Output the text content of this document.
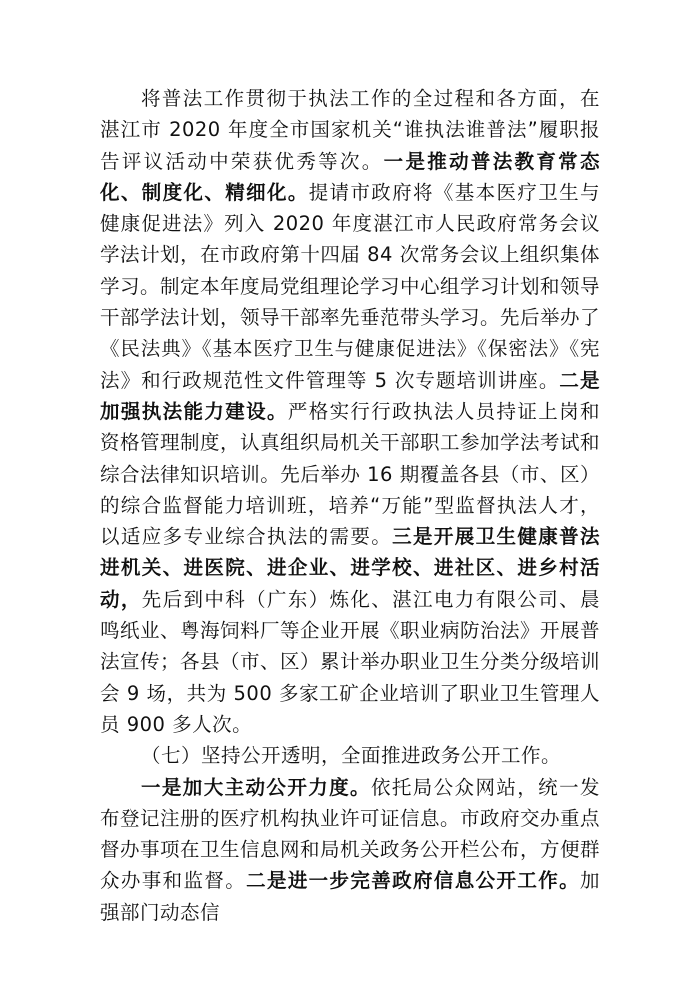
将普法工作贯彻于执法工作的全过程和各方面，在湛江市 2020 年度全市国家机关“谁执法谁普法”履职报告评议活动中荣获优秀等次。一是推动普法教育常态化、制度化、精细化。提请市政府将《基本医疗卫生与健康促进法》列入 2020 年度湛江市人民政府常务会议学法计划，在市政府第十四届 84 次常务会议上组织集体学习。制定本年度局党组理论学习中心组学习计划和领导干部学法计划，领导干部率先垂范带头学习。先后举办了《民法典》《基本医疗卫生与健康促进法》《保密法》《宪法》和行政规范性文件管理等 5 次专题培训讲座。二是加强执法能力建设。严格实行行政执法人员持证上岗和资格管理制度，认真组织局机关干部职工参加学法考试和综合法律知识培训。先后举办 16 期覆盖各县（市、区）的综合监督能力培训班，培养“万能”型监督执法人才，以适应多专业综合执法的需要。三是开展卫生健康普法进机关、进医院、进企业、进学校、进社区、进乡村活动，先后到中科（广东）炼化、湛江电力有限公司、晨鸣纸业、粤海饲料厂等企业开展《职业病防治法》开展普法宣传；各县（市、区）累计举办职业卫生分类分级培训会 9 场，共为 500 多家工矿企业培训了职业卫生管理人员 900 多人次。

（七）坚持公开透明，全面推进政务公开工作。

一是加大主动公开力度。依托局公众网站，统一发布登记注册的医疗机构执业许可证信息。市政府交办重点督办事项在卫生信息网和局机关政务公开栏公布，方便群众办事和监督。二是进一步完善政府信息公开工作。加强部门动态信
